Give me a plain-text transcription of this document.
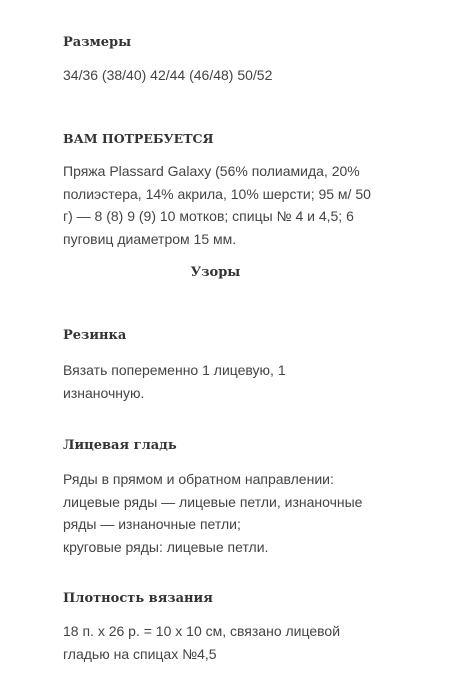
Размеры
34/36 (38/40) 42/44 (46/48) 50/52
ВАМ ПОТРЕБУЕТСЯ
Пряжа Plassard Galaxy (56% полиамида, 20%
полиэстера, 14% акрила, 10% шерсти; 95 м/ 50
г) — 8 (8) 9 (9) 10 мотков; спицы № 4 и 4,5; 6
пуговиц диаметром 15 мм.
Узоры
Резинка
Вязать попеременно 1 лицевую, 1
изнаночную.
Лицевая гладь
Ряды в прямом и обратном направлении:
лицевые ряды — лицевые петли, изнаночные
ряды — изнаночные петли;
круговые ряды: лицевые петли.
Плотность вязания
18 п. х 26 р. = 10 х 10 см, связано лицевой
гладью на спицах №4,5
